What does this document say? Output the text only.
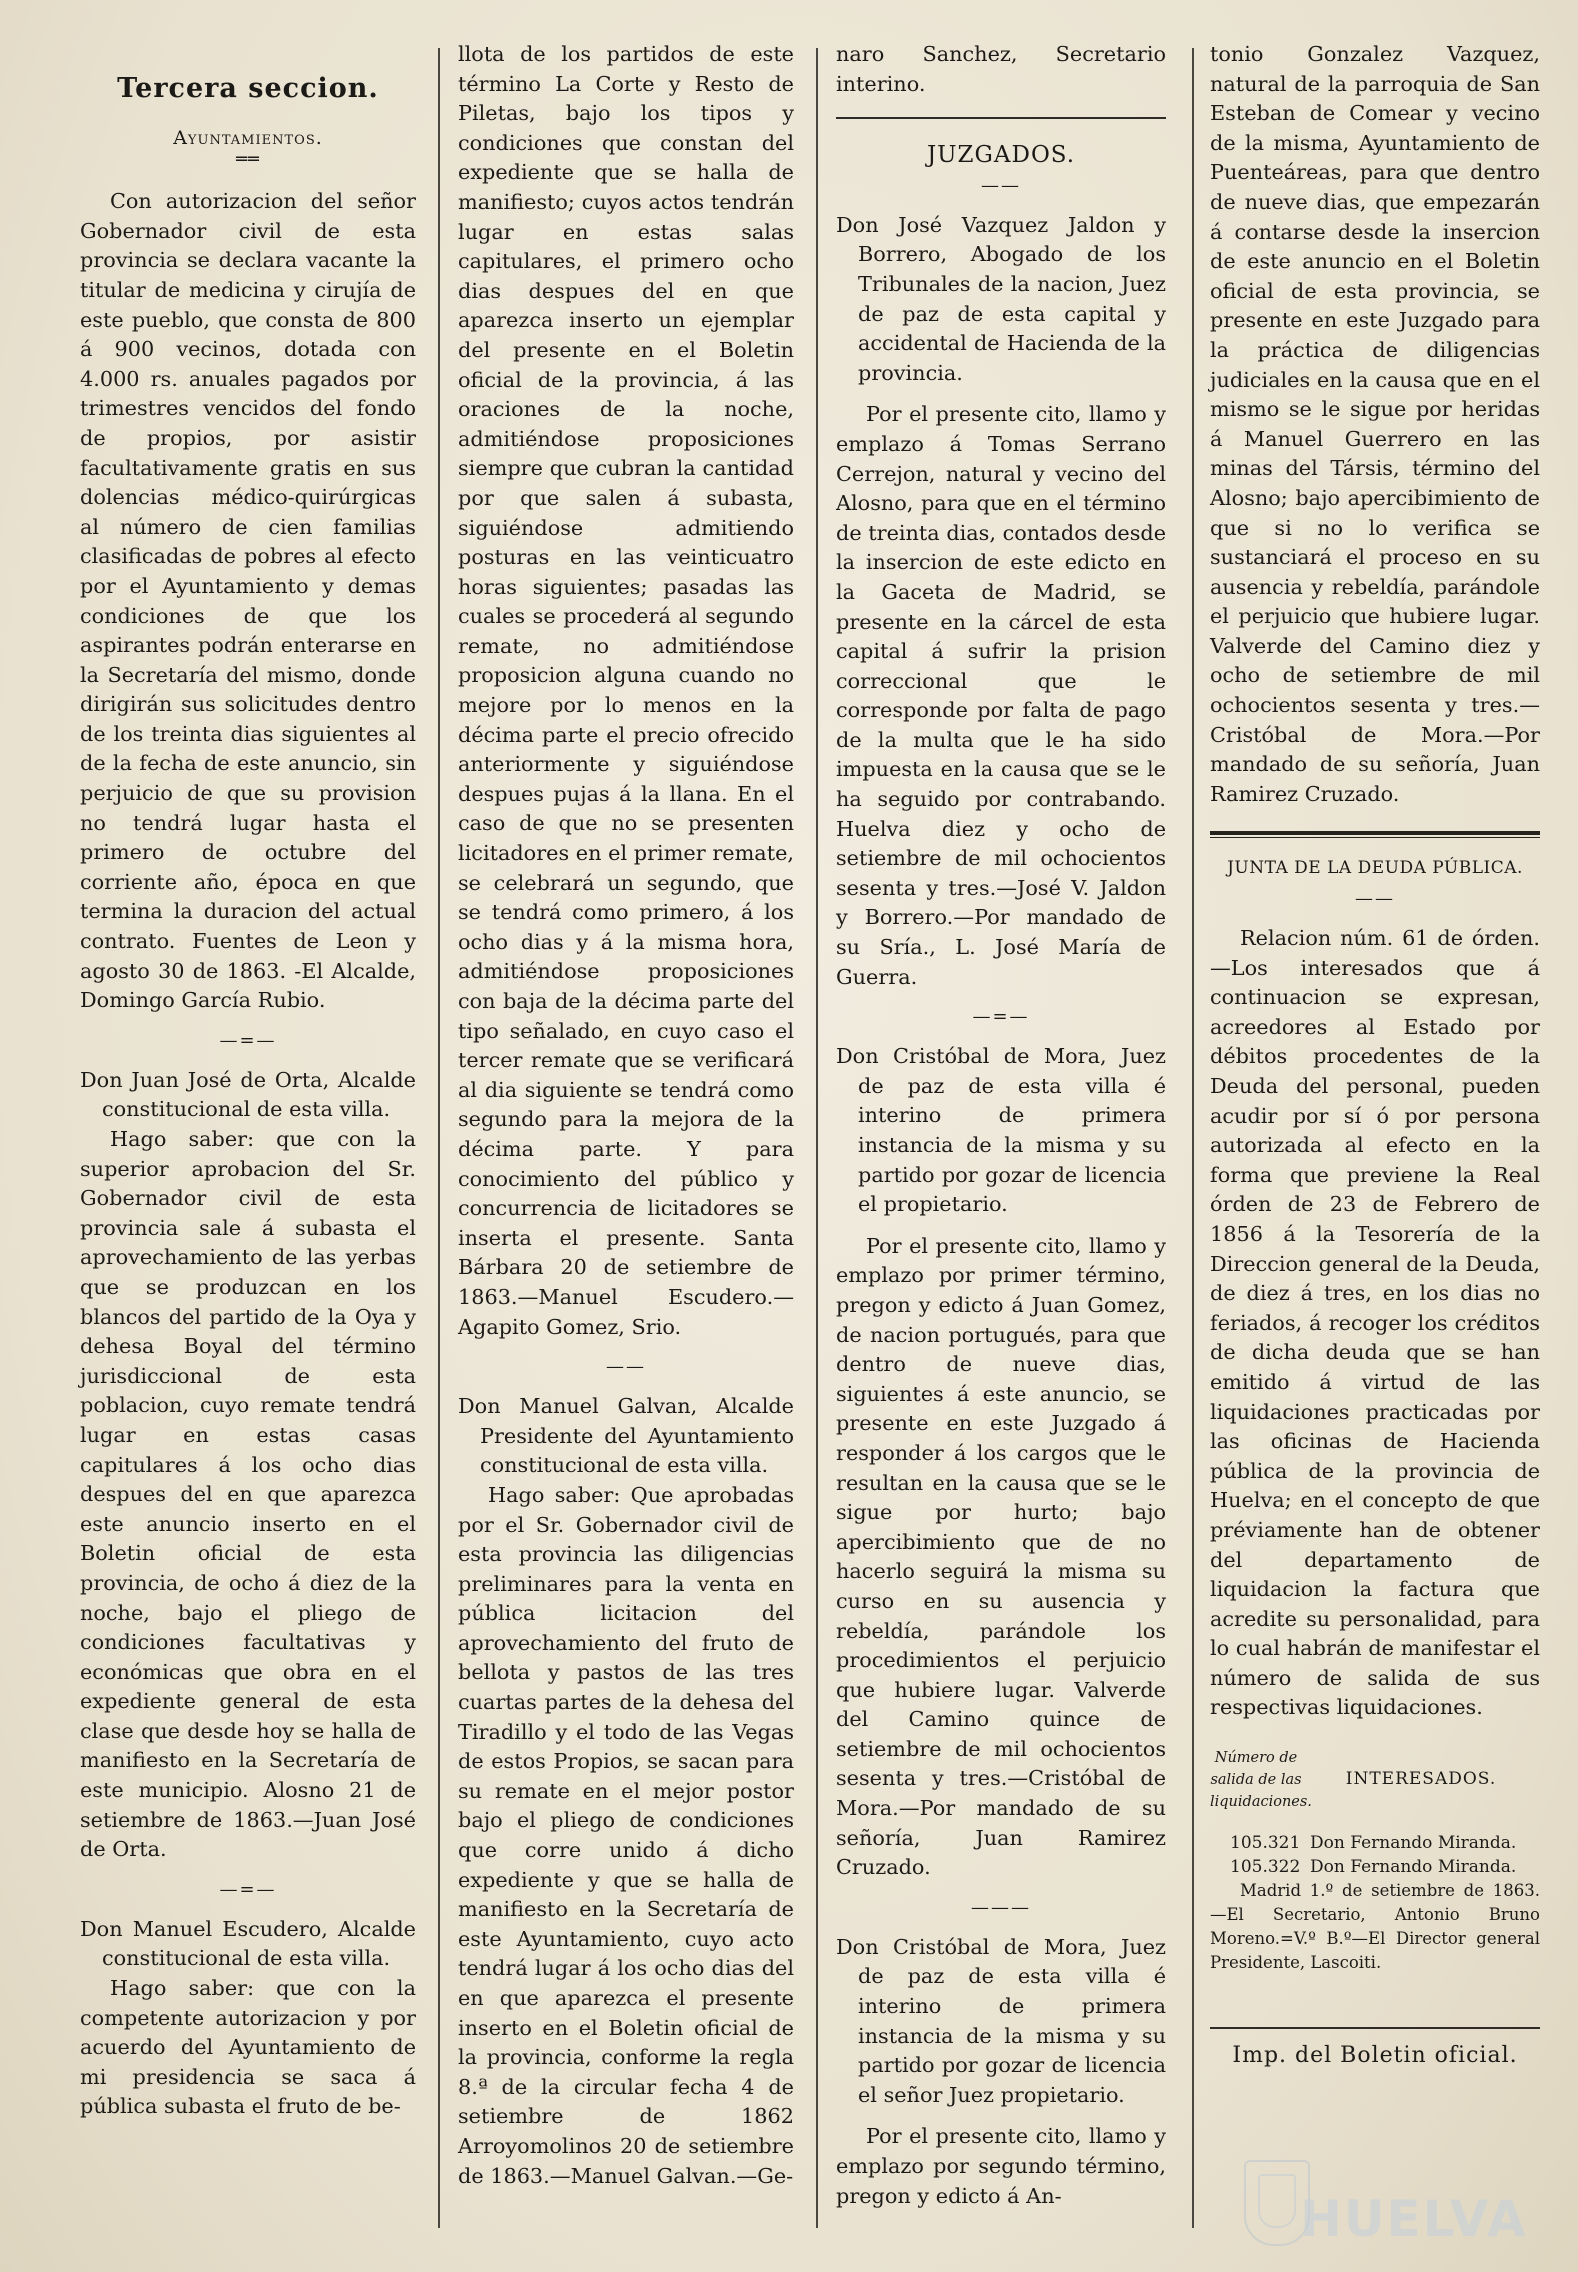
Tercera seccion.
Ayuntamientos.
══

Con autorizacion del señor Gobernador civil de esta provincia se declara vacante la titular de medicina y cirujía de este pueblo, que consta de 800 á 900 vecinos, dotada con 4.000 rs. anuales pagados por trimestres vencidos del fondo de propios, por asistir facultativamente gratis en sus dolencias médico-quirúrgicas al número de cien familias clasificadas de pobres al efecto por el Ayuntamiento y demas condiciones de que los aspirantes podrán enterarse en la Secretaría del mismo, donde dirigirán sus solicitudes dentro de los treinta dias siguientes al de la fecha de este anuncio, sin perjuicio de que su provision no tendrá lugar hasta el primero de octubre del corriente año, época en que termina la duracion del actual contrato. Fuentes de Leon y agosto 30 de 1863. -El Alcalde, Domingo García Rubio.

—=—

Don Juan José de Orta, Alcalde constitucional de esta villa.

Hago saber: que con la superior aprobacion del Sr. Gobernador civil de esta provincia sale á subasta el aprovechamiento de las yerbas que se produzcan en los blancos del partido de la Oya y dehesa Boyal del término jurisdiccional de esta poblacion, cuyo remate tendrá lugar en estas casas capitulares á los ocho dias despues del en que aparezca este anuncio inserto en el Boletin oficial de esta provincia, de ocho á diez de la noche, bajo el pliego de condiciones facultativas y económicas que obra en el expediente general de esta clase que desde hoy se halla de manifiesto en la Secretaría de este municipio. Alosno 21 de setiembre de 1863.—Juan José de Orta.

—=—

Don Manuel Escudero, Alcalde constitucional de esta villa.

Hago saber: que con la competente autorizacion y por acuerdo del Ayuntamiento de mi presidencia se saca á pública subasta el fruto de be-

llota de los partidos de este término La Corte y Resto de Piletas, bajo los tipos y condiciones que constan del expediente que se halla de manifiesto; cuyos actos tendrán lugar en estas salas capitulares, el primero ocho dias despues del en que aparezca inserto un ejemplar del presente en el Boletin oficial de la provincia, á las oraciones de la noche, admitiéndose proposiciones siempre que cubran la cantidad por que salen á subasta, siguiéndose admitiendo posturas en las veinticuatro horas siguientes; pasadas las cuales se procederá al segundo remate, no admitiéndose proposicion alguna cuando no mejore por lo menos en la décima parte el precio ofrecido anteriormente y siguiéndose despues pujas á la llana. En el caso de que no se presenten licitadores en el primer remate, se celebrará un segundo, que se tendrá como primero, á los ocho dias y á la misma hora, admitiéndose proposiciones con baja de la décima parte del tipo señalado, en cuyo caso el tercer remate que se verificará al dia siguiente se tendrá como segundo para la mejora de la décima parte. Y para conocimiento del público y concurrencia de licitadores se inserta el presente. Santa Bárbara 20 de setiembre de 1863.—Manuel Escudero.—Agapito Gomez, Srio.

——

Don Manuel Galvan, Alcalde Presidente del Ayuntamiento constitucional de esta villa.

Hago saber: Que aprobadas por el Sr. Gobernador civil de esta provincia las diligencias preliminares para la venta en pública licitacion del aprovechamiento del fruto de bellota y pastos de las tres cuartas partes de la dehesa del Tiradillo y el todo de las Vegas de estos Propios, se sacan para su remate en el mejor postor bajo el pliego de condiciones que corre unido á dicho expediente y que se halla de manifiesto en la Secretaría de este Ayuntamiento, cuyo acto tendrá lugar á los ocho dias del en que aparezca el presente inserto en el Boletin oficial de la provincia, conforme la regla 8.ª de la circular fecha 4 de setiembre de 1862 Arroyomolinos 20 de setiembre de 1863.—Manuel Galvan.—Ge-

naro Sanchez, Secretario interino.

JUZGADOS.
——

Don José Vazquez Jaldon y Borrero, Abogado de los Tribunales de la nacion, Juez de paz de esta capital y accidental de Hacienda de la provincia.

Por el presente cito, llamo y emplazo á Tomas Serrano Cerrejon, natural y vecino del Alosno, para que en el término de treinta dias, contados desde la insercion de este edicto en la Gaceta de Madrid, se presente en la cárcel de esta capital á sufrir la prision correccional que le corresponde por falta de pago de la multa que le ha sido impuesta en la causa que se le ha seguido por contrabando. Huelva diez y ocho de setiembre de mil ochocientos sesenta y tres.—José V. Jaldon y Borrero.—Por mandado de su Sría., L. José María de Guerra.

—=—

Don Cristóbal de Mora, Juez de paz de esta villa é interino de primera instancia de la misma y su partido por gozar de licencia el propietario.

Por el presente cito, llamo y emplazo por primer término, pregon y edicto á Juan Gomez, de nacion portugués, para que dentro de nueve dias, siguientes á este anuncio, se presente en este Juzgado á responder á los cargos que le resultan en la causa que se le sigue por hurto; bajo apercibimiento que de no hacerlo seguirá la misma su curso en su ausencia y rebeldía, parándole los procedimientos el perjuicio que hubiere lugar. Valverde del Camino quince de setiembre de mil ochocientos sesenta y tres.—Cristóbal de Mora.—Por mandado de su señoría, Juan Ramirez Cruzado.

———

Don Cristóbal de Mora, Juez de paz de esta villa é interino de primera instancia de la misma y su partido por gozar de licencia el señor Juez propietario.

Por el presente cito, llamo y emplazo por segundo término, pregon y edicto á An-

tonio Gonzalez Vazquez, natural de la parroquia de San Esteban de Comear y vecino de la misma, Ayuntamiento de Puenteáreas, para que dentro de nueve dias, que empezarán á contarse desde la insercion de este anuncio en el Boletin oficial de esta provincia, se presente en este Juzgado para la práctica de diligencias judiciales en la causa que en el mismo se le sigue por heridas á Manuel Guerrero en las minas del Társis, término del Alosno; bajo apercibimiento de que si no lo verifica se sustanciará el proceso en su ausencia y rebeldía, parándole el perjuicio que hubiere lugar. Valverde del Camino diez y ocho de setiembre de mil ochocientos sesenta y tres.—Cristóbal de Mora.—Por mandado de su señoría, Juan Ramirez Cruzado.

JUNTA DE LA DEUDA PÚBLICA.
——

Relacion núm. 61 de órden.—Los interesados que á continuacion se expresan, acreedores al Estado por débitos procedentes de la Deuda del personal, pueden acudir por sí ó por persona autorizada al efecto en la forma que previene la Real órden de 23 de Febrero de 1856 á la Tesorería de la Direccion general de la Deuda, de diez á tres, en los dias no feriados, á recoger los créditos de dicha deuda que se han emitido á virtud de las liquidaciones practicadas por las oficinas de Hacienda pública de la provincia de Huelva; en el concepto de que préviamente han de obtener del departamento de liquidacion la factura que acredite su personalidad, para lo cual habrán de manifestar el número de salida de sus respectivas liquidaciones.

Número de salida de las liquidaciones.
INTERESADOS.
105.321 Don Fernando Miranda.
105.322 Don Fernando Miranda.

Madrid 1.º de setiembre de 1863. —El Secretario, Antonio Bruno Moreno.=V.º B.º—El Director general Presidente, Lascoiti.

Imp. del Boletin oficial.
HUELVA
